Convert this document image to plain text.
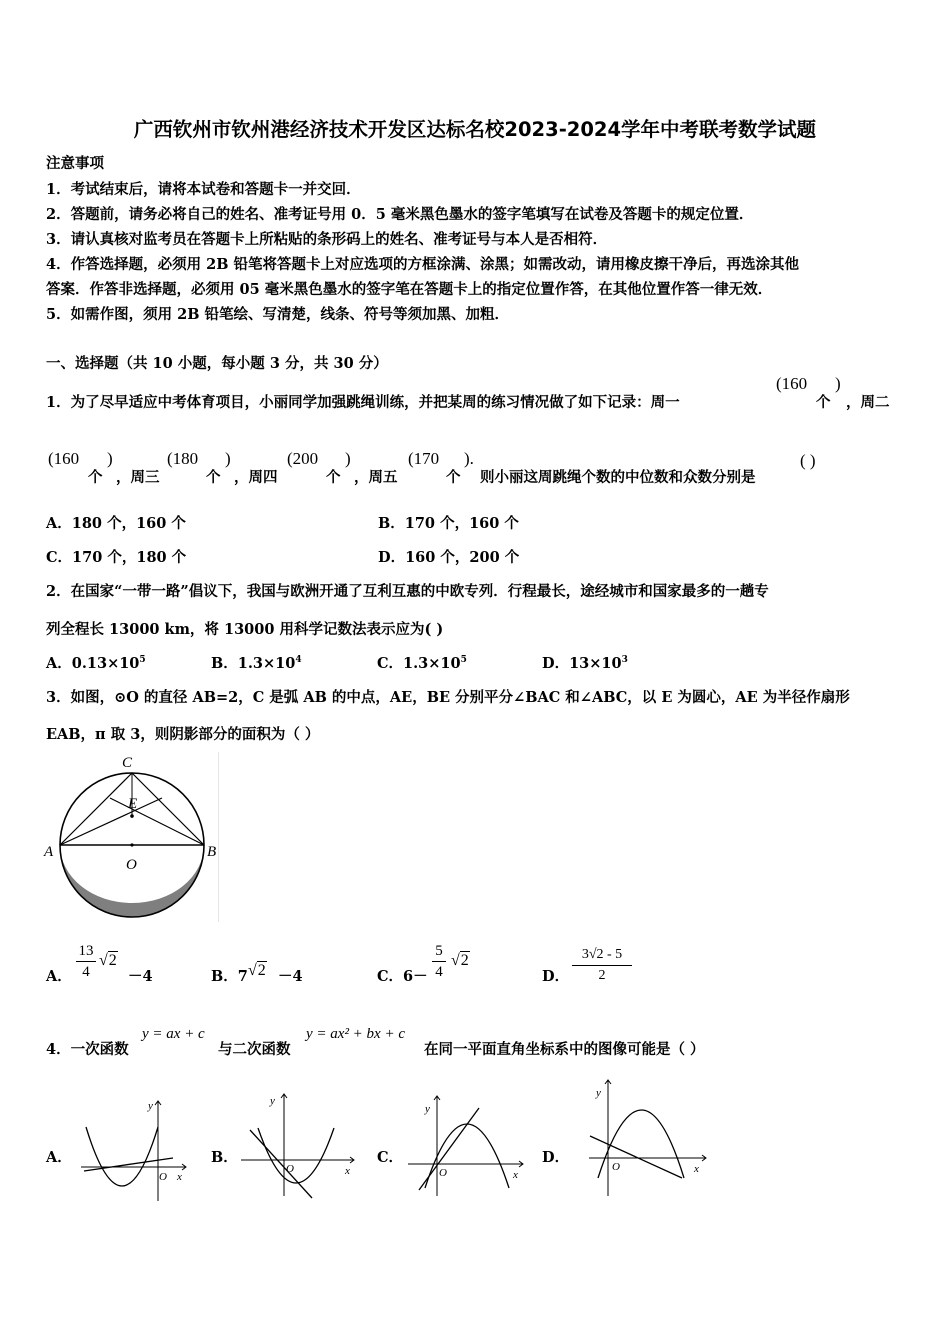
广西钦州市钦州港经济技术开发区达标名校2023-2024学年中考联考数学试题
注意事项
1．考试结束后，请将本试卷和答题卡一并交回．
2．答题前，请务必将自己的姓名、准考证号用 0．5 毫米黑色墨水的签字笔填写在试卷及答题卡的规定位置．
3．请认真核对监考员在答题卡上所粘贴的条形码上的姓名、准考证号与本人是否相符．
4．作答选择题，必须用 2B 铅笔将答题卡上对应选项的方框涂满、涂黑；如需改动，请用橡皮擦干净后，再选涂其他
答案．作答非选择题，必须用 05 毫米黑色墨水的签字笔在答题卡上的指定位置作答，在其他位置作答一律无效．
5．如需作图，须用 2B 铅笔绘、写清楚，线条、符号等须加黑、加粗．
一、选择题（共 10 小题，每小题 3 分，共 30 分）
1．为了尽早适应中考体育项目，小丽同学加强跳绳训练，并把某周的练习情况做了如下记录：周一
(160
个
)
，周二
(160
个
)
，周三
(180
个
)
，周四
(200
个
)
，周五
(170
个
).
则小丽这周跳绳个数的中位数和众数分别是
( )
A．180 个，160 个	B．170 个，160 个
C．170 个，180 个	D．160 个，200 个
2．在国家“一带一路”倡议下，我国与欧洲开通了互利互惠的中欧专列．行程最长，途经城市和国家最多的一趟专
列全程长 13000 km，将 13000 用科学记数法表示应为( )
A．$0.13\times 10^5$	B．$1.3\times 10^4$	C．$1.3\times 10^5$	D．$13\times 10^3$
3．如图，⊙O 的直径 AB=2，C 是弧 AB 的中点，AE，BE 分别平分∠BAC 和∠ABC，以 E 为圆心，AE 为半径作扇形
EAB，π 取 3，则阴影部分的面积为（ ）
C
E
A	B
O
A．
13
4
√2
－4	B．7 √2 －4	C．6－
5
4
√2
D．
3√2 - 5
2
4．一次函数
y = ax + c
与二次函数
y = ax² + bx + c
在同一平面直角坐标系中的图像可能是（ ）
A．
y
x
O
B．
y
x
O
C．
y
x
O
D．
y
x
O
